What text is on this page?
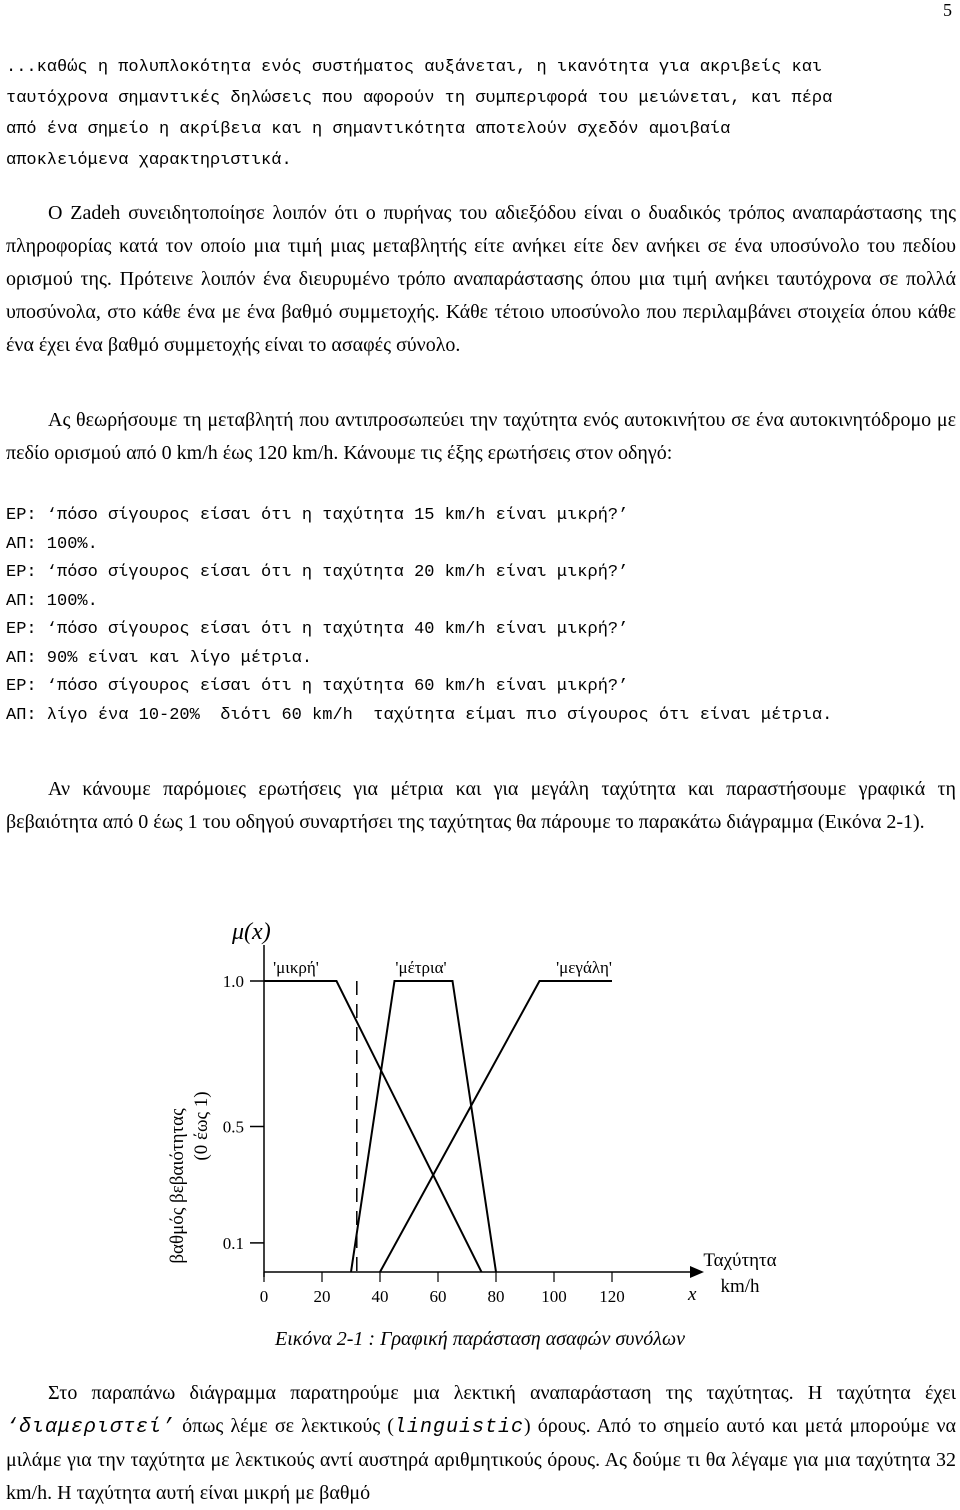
5

...καθώς η πολυπλοκότητα ενός συστήματος αυξάνεται, η ικανότητα για ακριβείς και

ταυτόχρονα σημαντικές δηλώσεις που αφορούν τη συμπεριφορά του μειώνεται, και πέρα

από ένα σημείο η ακρίβεια και η σημαντικότητα αποτελούν σχεδόν αμοιβαία

αποκλειόμενα χαρακτηριστικά.

Ο Zadeh συνειδητοποίησε λοιπόν ότι ο πυρήνας του αδιεξόδου είναι ο δυαδικός τρόπος αναπαράστασης της πληροφορίας κατά τον οποίο μια τιμή μιας μεταβλητής είτε ανήκει είτε δεν ανήκει σε ένα υποσύνολο του πεδίου ορισμού της. Πρότεινε λοιπόν ένα διευρυμένο τρόπο αναπαράστασης όπου μια τιμή ανήκει ταυτόχρονα σε πολλά υποσύνολα, στο κάθε ένα με ένα βαθμό συμμετοχής. Κάθε τέτοιο υποσύνολο που περιλαμβάνει στοιχεία όπου κάθε ένα έχει ένα βαθμό συμμετοχής είναι το ασαφές σύνολο.

Ας θεωρήσουμε τη μεταβλητή που αντιπροσωπεύει την ταχύτητα ενός αυτοκινήτου σε ένα αυτοκινητόδρομο με πεδίο ορισμού από 0 km/h έως 120 km/h. Κάνουμε τις έξης ερωτήσεις στον οδηγό:

ΕΡ: ‘πόσο σίγουρος είσαι ότι η ταχύτητα 15 km/h είναι μικρή?’
ΑΠ: 100%.
ΕΡ: ‘πόσο σίγουρος είσαι ότι η ταχύτητα 20 km/h είναι μικρή?’
ΑΠ: 100%.
ΕΡ: ‘πόσο σίγουρος είσαι ότι η ταχύτητα 40 km/h είναι μικρή?’
ΑΠ: 90% είναι και λίγο μέτρια.
ΕΡ: ‘πόσο σίγουρος είσαι ότι η ταχύτητα 60 km/h είναι μικρή?’
ΑΠ: λίγο ένα 10-20%  διότι 60 km/h  ταχύτητα είμαι πιο σίγουρος ότι είναι μέτρια.

Αν κάνουμε παρόμοιες ερωτήσεις για μέτρια και για μεγάλη ταχύτητα και παραστήσουμε γραφικά τη βεβαιότητα από 0 έως 1 του οδηγού συναρτήσει της ταχύτητας θα πάρουμε το παρακάτω διάγραμμα (Εικόνα 2-1).

0.1
0.5
1.0
0	20 40 60 80 100 120
'μικρή'	'μέτρια'	'μεγάλη'
μ(x)
βαθμός βεβαιότητας (0 έως 1)
x
Ταχύτητα
km/h
Εικόνα 2-1 : Γραφική παράσταση ασαφών συνόλων

Στο παραπάνω διάγραμμα παρατηρούμε μια λεκτική αναπαράσταση της ταχύτητας. Η ταχύτητα έχει ‘διαμεριστεί’ όπως λέμε σε λεκτικούς (linguistic) όρους. Από το σημείο αυτό και μετά μπορούμε να μιλάμε για την ταχύτητα με λεκτικούς αντί αυστηρά αριθμητικούς όρους. Ας δούμε τι θα λέγαμε για μια ταχύτητα 32 km/h. Η ταχύτητα αυτή είναι μικρή με βαθμό
